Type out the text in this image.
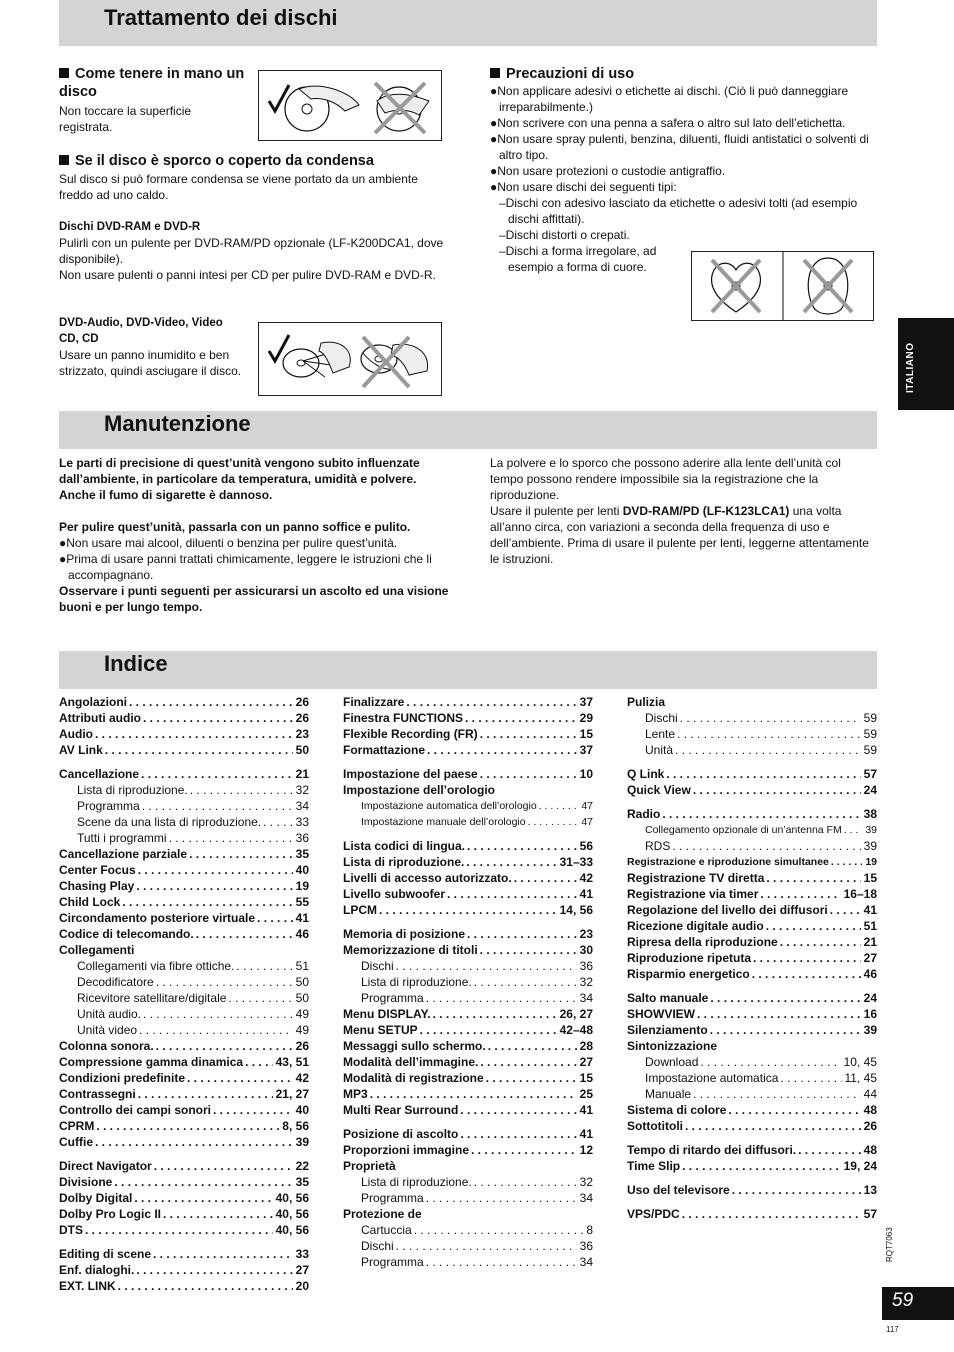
Trattamento dei dischi
Come tenere in mano un disco
Non toccare la superficie registrata.
Se il disco è sporco o coperto da condensa
Sul disco si può formare condensa se viene portato da un ambiente freddo ad uno caldo.
Dischi DVD-RAM e DVD-R
Pulirli con un pulente per DVD-RAM/PD opzionale (LF-K200DCA1, dove disponibile).
Non usare pulenti o panni intesi per CD per pulire DVD-RAM e DVD-R.
DVD-Audio, DVD-Video, Video CD, CD
Usare un panno inumidito e ben strizzato, quindi asciugare il disco.
Precauzioni di uso
●Non applicare adesivi o etichette ai dischi. (Ciò li può danneggiare irreparabilmente.)
●Non scrivere con una penna a safera o altro sul lato dell’etichetta.
●Non usare spray pulenti, benzina, diluenti, fluidi antistatici o solventi di altro tipo.
●Non usare protezioni o custodie antigraffio.
●Non usare dischi dei seguenti tipi:
–Dischi con adesivo lasciato da etichette o adesivi tolti (ad esempio dischi affittati).
–Dischi distorti o crepati.
–Dischi a forma irregolare, ad esempio a forma di cuore.
ITALIANO
Manutenzione
Le parti di precisione di quest’unità vengono subito influenzate dall’ambiente, in particolare da temperatura, umidità e polvere. Anche il fumo di sigarette è dannoso.
Per pulire quest’unità, passarla con un panno soffice e pulito.
●Non usare mai alcool, diluenti o benzina per pulire quest’unità.
●Prima di usare panni trattati chimicamente, leggere le istruzioni che li accompagnano.
Osservare i punti seguenti per assicurarsi un ascolto ed una visione buoni e per lungo tempo.
La polvere e lo sporco che possono aderire alla lente dell’unità col tempo possono rendere impossibile sia la registrazione che la riproduzione.
Usare il pulente per lenti DVD-RAM/PD (LF-K123LCA1) una volta all’anno circa, con variazioni a seconda della frequenza di uso e dell’ambiente. Prima di usare il pulente per lenti, leggerne attentamente le istruzioni.
Indice
Angolazioni . . .	26
Attributi audio . . .	26
Audio . . .	23
AV Link . . .	50
Cancellazione . . .	21
Lista di riproduzione. . . .	32
Programma . . .	34
Scene da una lista di riproduzione. . . .	33
Tutti i programmi . . .	36
Cancellazione parziale . . .	35
Center Focus . . .	40
Chasing Play . . .	19
Child Lock . . .	55
Circondamento posteriore virtuale . . .	41
Codice di telecomando. . . .	46
Collegamenti
Collegamenti via fibre ottiche. . . .	51
Decodificatore . . .	50
Ricevitore satellitare/digitale . . .	50
Unità audio. . . .	49
Unità video . . .	49
Colonna sonora. . . .	26
Compressione gamma dinamica . . .	43, 51
Condizioni predefinite . . .	42
Contrassegni . . .	21, 27
Controllo dei campi sonori . . .	40
CPRM . . .	8, 56
Cuffie . . .	39
Direct Navigator . . .	22
Divisione . . .	35
Dolby Digital . . .	40, 56
Dolby Pro Logic II . . .	40, 56
DTS . . .	40, 56
Editing di scene . . .	33
Enf. dialoghi. . . .	27
EXT. LINK . . .	20
Finalizzare . . .	37
Finestra FUNCTIONS . . .	29
Flexible Recording (FR) . . .	15
Formattazione . . .	37
Impostazione del paese . . .	10
Impostazione dell’orologio
Impostazione automatica dell’orologio . . .	47
Impostazione manuale dell’orologio . . .	47
Lista codici di lingua. . . .	56
Lista di riproduzione. . . .	31–33
Livelli di accesso autorizzato. . . .	42
Livello subwoofer . . .	41
LPCM . . .	14, 56
Memoria di posizione . . .	23
Memorizzazione di titoli . . .	30
Dischi . . .	36
Lista di riproduzione. . . .	32
Programma . . .	34
Menu DISPLAY. . . .	26, 27
Menu SETUP . . .	42–48
Messaggi sullo schermo. . . .	28
Modalità dell’immagine. . . .	27
Modalità di registrazione . . .	15
MP3 . . .	25
Multi Rear Surround . . .	41
Posizione di ascolto . . .	41
Proporzioni immagine . . .	12
Proprietà
Lista di riproduzione. . . .	32
Programma . . .	34
Protezione de
Cartuccia . . .	8
Dischi . . .	36
Programma . . .	34
Pulizia
Dischi . . .	59
Lente . . .	59
Unità . . .	59
Q Link . . .	57
Quick View . . .	24
Radio . . .	38
Collegamento opzionale di un’antenna FM . . . 39
RDS . . .	39
Registrazione e riproduzione simultanee . . .	19
Registrazione TV diretta . . .	15
Registrazione via timer . . .	16–18
Regolazione del livello dei diffusori . . .	41
Ricezione digitale audio . . .	51
Ripresa della riproduzione . . .	21
Riproduzione ripetuta . . .	27
Risparmio energetico . . .	46
Salto manuale . . .	24
SHOWVIEW . . .	16
Silenziamento . . .	39
Sintonizzazione
Download . . .	10, 45
Impostazione automatica . . .	11, 45
Manuale . . .	44
Sistema di colore . . .	48
Sottotitoli . . .	26
Tempo di ritardo dei diffusori. . . .	48
Time Slip . . .	19, 24
Uso del televisore . . .	13
VPS/PDC . . .	57
RQT7063
59
117
